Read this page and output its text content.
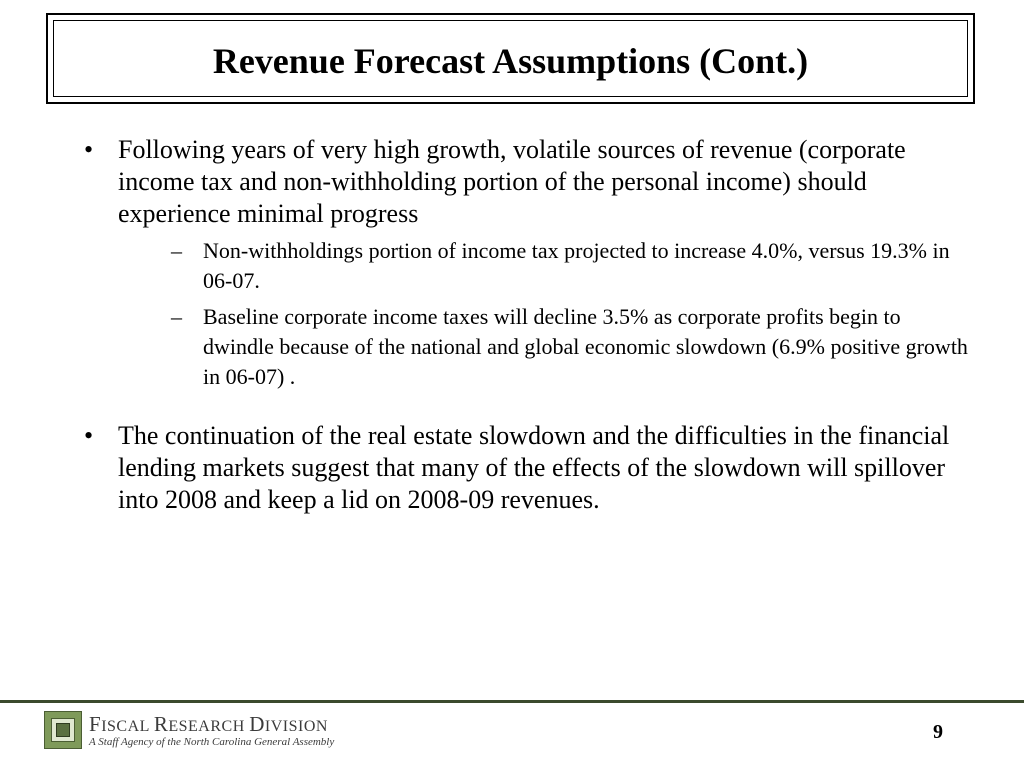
Revenue Forecast Assumptions (Cont.)
• Following years of very high growth, volatile sources of revenue (corporate income tax and non-withholding portion of the personal income) should experience minimal progress
– Non-withholdings portion of income tax projected to increase 4.0%, versus 19.3% in 06-07.
– Baseline corporate income taxes will decline 3.5% as corporate profits begin to dwindle because of the national and global economic slowdown (6.9% positive growth in 06-07) .
• The continuation of the real estate slowdown and the difficulties in the financial lending markets suggest that many of the effects of the slowdown will spillover into 2008 and keep a lid on 2008-09 revenues.
FISCAL RESEARCH DIVISION
A Staff Agency of the North Carolina General Assembly	9
